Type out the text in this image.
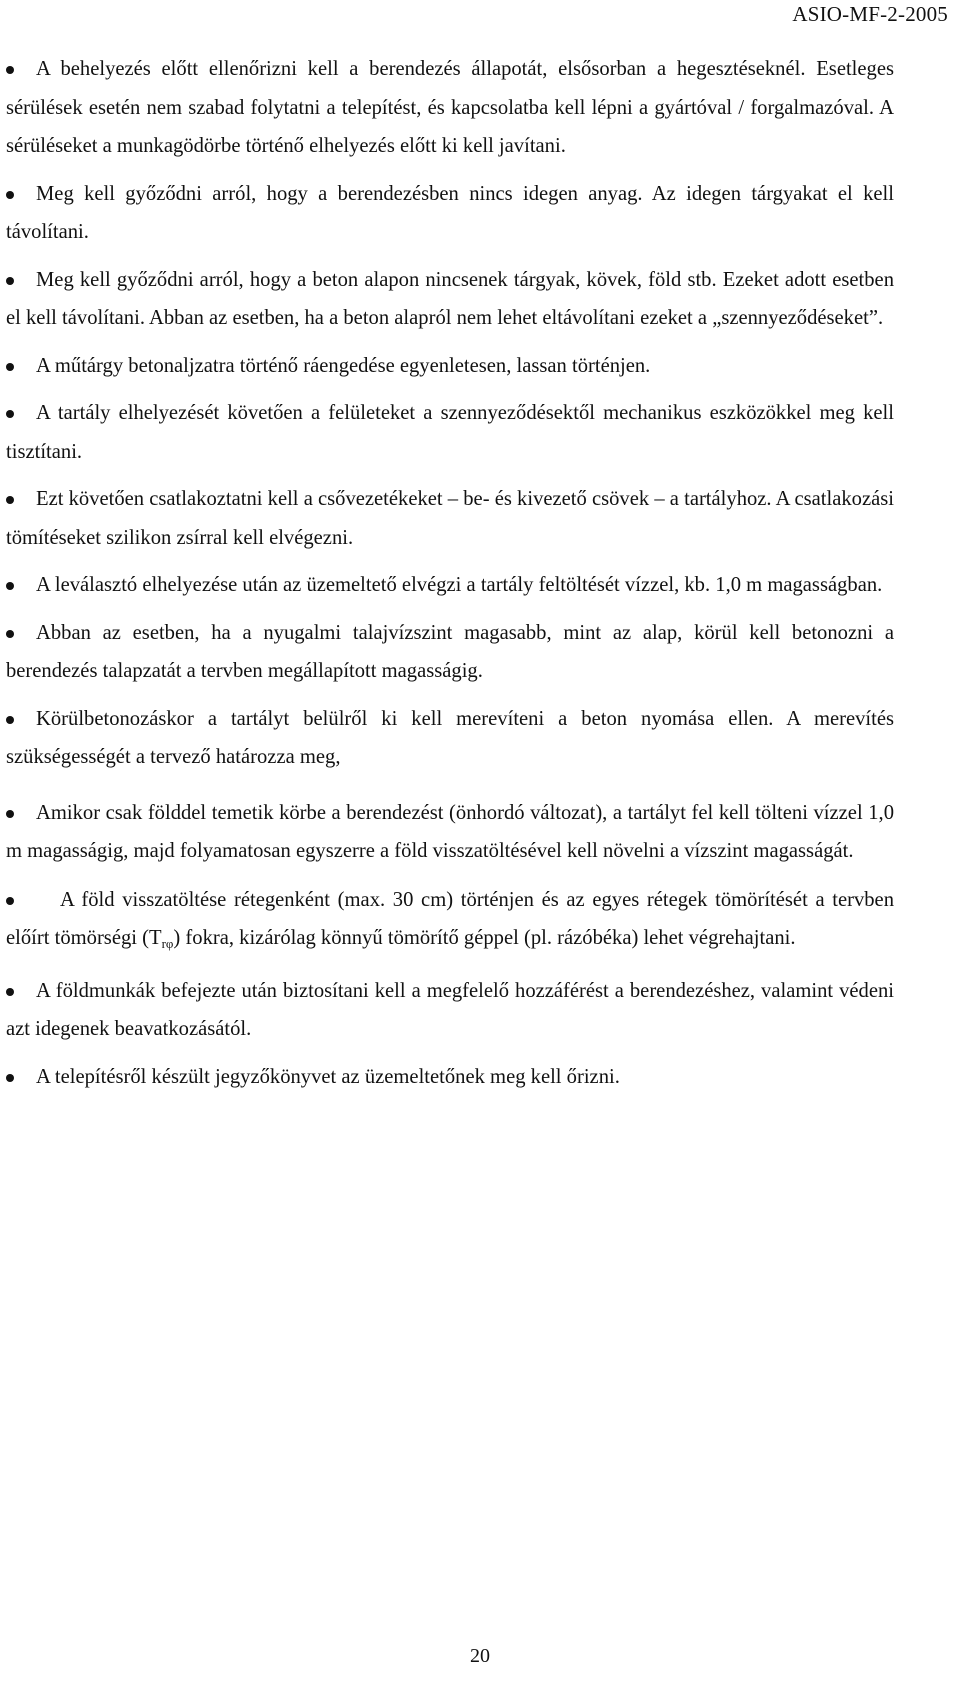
ASIO-MF-2-2005

A behelyezés előtt ellenőrizni kell a berendezés állapotát, elsősorban a hegesztéseknél. Esetleges sérülések esetén nem szabad folytatni a telepítést, és kapcsolatba kell lépni a gyártóval / forgalmazóval. A sérüléseket a munkagödörbe történő elhelyezés előtt ki kell javítani.

Meg kell győződni arról, hogy a berendezésben nincs idegen anyag. Az idegen tárgyakat el kell távolítani.

Meg kell győződni arról, hogy a beton alapon nincsenek tárgyak, kövek, föld stb. Ezeket adott esetben el kell távolítani. Abban az esetben, ha a beton alapról nem lehet eltávolítani ezeket a „szennyeződéseket”.

A műtárgy betonaljzatra történő ráengedése egyenletesen, lassan történjen.

A tartály elhelyezését követően a felületeket a szennyeződésektől mechanikus eszközökkel meg kell tisztítani.

Ezt követően csatlakoztatni kell a csővezetékeket – be- és kivezető csövek – a tartályhoz. A csatlakozási tömítéseket szilikon zsírral kell elvégezni.

A leválasztó elhelyezése után az üzemeltető elvégzi a tartály feltöltését vízzel, kb. 1,0 m magasságban.

Abban az esetben, ha a nyugalmi talajvízszint magasabb, mint az alap, körül kell betonozni a berendezés talapzatát a tervben megállapított magasságig.

Körülbetonozáskor a tartályt belülről ki kell merevíteni a beton nyomása ellen. A merevítés szükségességét a tervező határozza meg,

Amikor csak földdel temetik körbe a berendezést (önhordó változat), a tartályt fel kell tölteni vízzel 1,0 m magasságig, majd folyamatosan egyszerre a föld visszatöltésével kell növelni a vízszint magasságát.

A föld visszatöltése rétegenként (max. 30 cm) történjen és az egyes rétegek tömörítését a tervben előírt tömörségi $(T_{r\varphi})$ fokra, kizárólag könnyű tömörítő géppel (pl. rázóbéka) lehet végrehajtani.

A földmunkák befejezte után biztosítani kell a megfelelő hozzáférést a berendezéshez, valamint védeni azt idegenek beavatkozásától.

A telepítésről készült jegyzőkönyvet az üzemeltetőnek meg kell őrizni.

20
